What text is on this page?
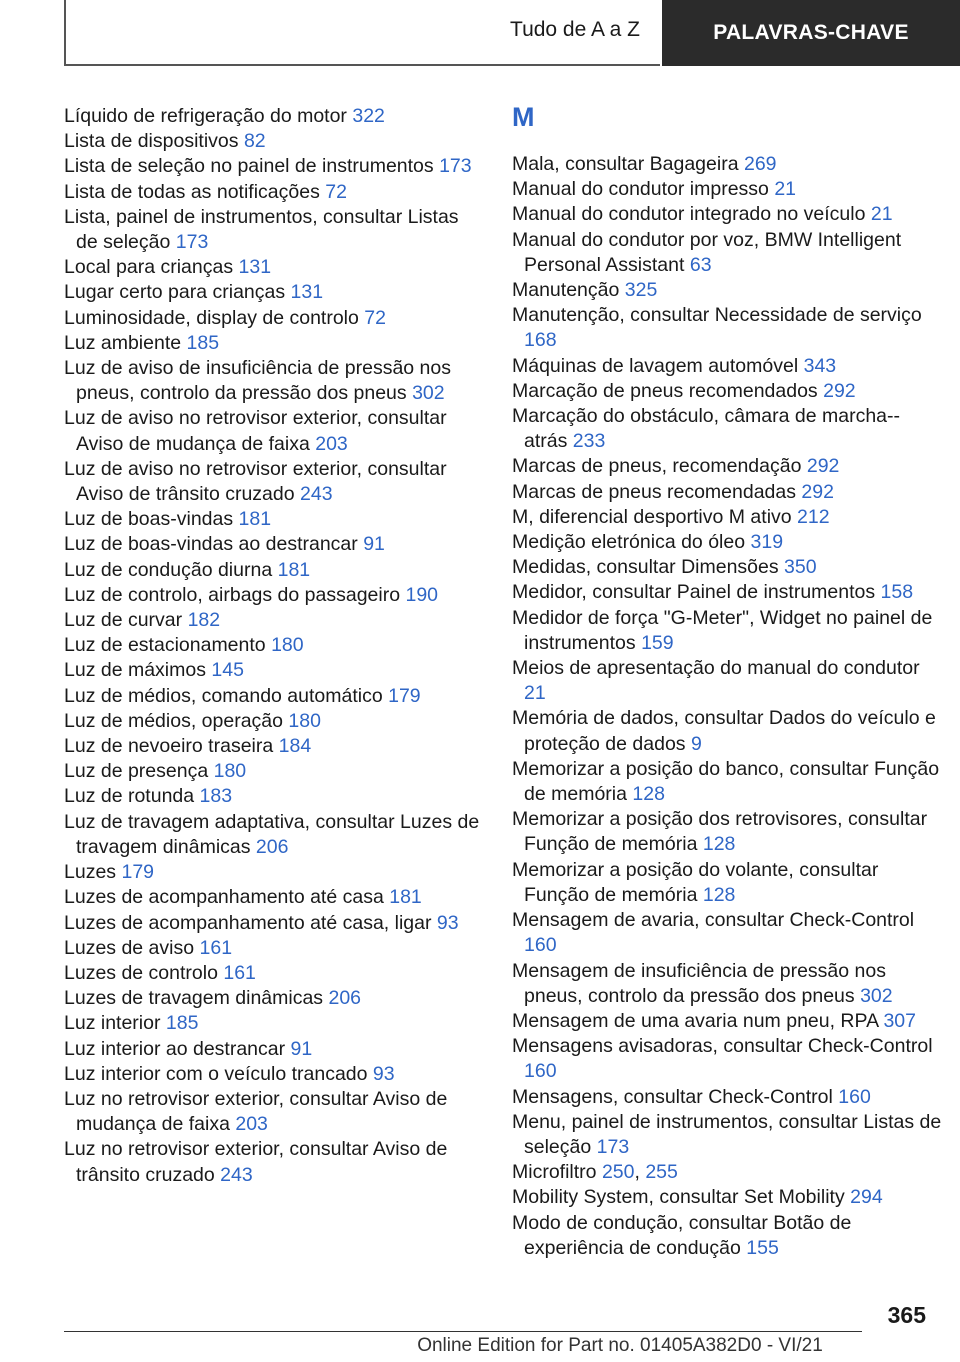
Tudo de A a Z	PALAVRAS-CHAVE
Líquido de refrigeração do motor 322
Lista de dispositivos 82
Lista de seleção no painel de instrumentos 173
Lista de todas as notificações 72
Lista, painel de instrumentos, consultar Listas de seleção 173
Local para crianças 131
Lugar certo para crianças 131
Luminosidade, display de controlo 72
Luz ambiente 185
Luz de aviso de insuficiência de pressão nos pneus, controlo da pressão dos pneus 302
Luz de aviso no retrovisor exterior, consultar Aviso de mudança de faixa 203
Luz de aviso no retrovisor exterior, consultar Aviso de trânsito cruzado 243
Luz de boas-vindas 181
Luz de boas-vindas ao destrancar 91
Luz de condução diurna 181
Luz de controlo, airbags do passageiro 190
Luz de curvar 182
Luz de estacionamento 180
Luz de máximos 145
Luz de médios, comando automático 179
Luz de médios, operação 180
Luz de nevoeiro traseira 184
Luz de presença 180
Luz de rotunda 183
Luz de travagem adaptativa, consultar Luzes de travagem dinâmicas 206
Luzes 179
Luzes de acompanhamento até casa 181
Luzes de acompanhamento até casa, ligar 93
Luzes de aviso 161
Luzes de controlo 161
Luzes de travagem dinâmicas 206
Luz interior 185
Luz interior ao destrancar 91
Luz interior com o veículo trancado 93
Luz no retrovisor exterior, consultar Aviso de mudança de faixa 203
Luz no retrovisor exterior, consultar Aviso de trânsito cruzado 243
M
Mala, consultar Bagageira 269
Manual do condutor impresso 21
Manual do condutor integrado no veículo 21
Manual do condutor por voz, BMW Intelligent Personal Assistant 63
Manutenção 325
Manutenção, consultar Necessidade de serviço 168
Máquinas de lavagem automóvel 343
Marcação de pneus recomendados 292
Marcação do obstáculo, câmara de marcha--atrás 233
Marcas de pneus, recomendação 292
Marcas de pneus recomendadas 292
M, diferencial desportivo M ativo 212
Medição eletrónica do óleo 319
Medidas, consultar Dimensões 350
Medidor, consultar Painel de instrumentos 158
Medidor de força "G-Meter", Widget no painel de instrumentos 159
Meios de apresentação do manual do condutor 21
Memória de dados, consultar Dados do veículo e proteção de dados 9
Memorizar a posição do banco, consultar Função de memória 128
Memorizar a posição dos retrovisores, consultar Função de memória 128
Memorizar a posição do volante, consultar Função de memória 128
Mensagem de avaria, consultar Check-Control 160
Mensagem de insuficiência de pressão nos pneus, controlo da pressão dos pneus 302
Mensagem de uma avaria num pneu, RPA 307
Mensagens avisadoras, consultar Check-Control 160
Mensagens, consultar Check-Control 160
Menu, painel de instrumentos, consultar Listas de seleção 173
Microfiltro 250, 255
Mobility System, consultar Set Mobility 294
Modo de condução, consultar Botão de experiência de condução 155
365
Online Edition for Part no. 01405A382D0 - VI/21
